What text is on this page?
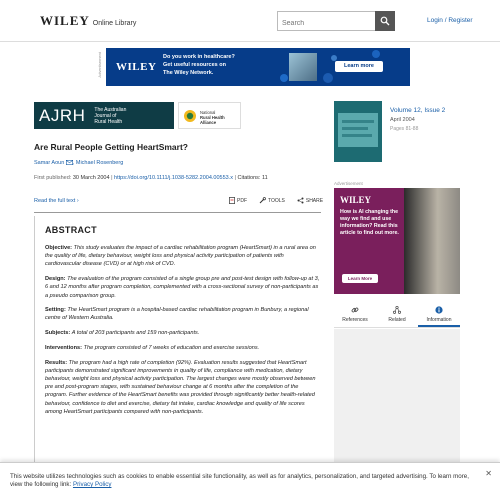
WILEY Online Library
Search	Login / Register
Advertisement WILEY
Do you work in healthcare?
Get useful resources on
The Wiley Network.
Learn more
AJRH The Australian
Journal of
Rural Health
National
Rural Health
Alliance
Are Rural People Getting HeartSmart?
Samar Aoun , Michael Rosenberg
First published: 30 March 2004 | https://doi.org/10.1111/j.1038-5282.2004.00553.x | Citations: 11
Read the full text ›	PDF	TOOLS	SHARE
ABSTRACT

Objective: This study evaluates the impact of a cardiac rehabilitation program (HeartSmart) in a rural area on the quality of life, dietary behaviour, weight loss and physical activity participation of patients with cardiovascular disease (CVD) or at high risk of CVD.

Design: The evaluation of the program consisted of a single group pre and post-test design with follow-up at 3, 6 and 12 months after program completion, complemented with a cross-sectional survey of non-participants as a pseudo comparison group.

Setting: The HeartSmart program is a hospital-based cardiac rehabilitation program in Bunbury, a regional centre of Western Australia.

Subjects: A total of 203 participants and 159 non-participants.

Interventions: The program consisted of 7 weeks of education and exercise sessions.

Results: The program had a high rate of completion (92%). Evaluation results suggested that HeartSmart participants demonstrated significant improvements in quality of life, compliance with medication, dietary behaviour, weight loss and physical activity participation. The largest changes were mostly observed between pre and post-program stages, with sustained behaviour change at 6 months after the completion of the program. Further evidence of the HeartSmart benefits was provided through significantly better health-related behaviour, confidence to diet and exercise, dietary fat intake, cardiac knowledge and quality of life scores among HeartSmart participants compared with non-participants.

Volume 12, Issue 2
April 2004
Pages 81-88
Advertisement
WILEY
How is AI changing the way we find and use information? Read this article to find out more.
Learn More
References	Related	Information
This website utilizes technologies such as cookies to enable essential site functionality, as well as for analytics, personalization, and targeted advertising. To learn more, view the following link: Privacy Policy
✕
